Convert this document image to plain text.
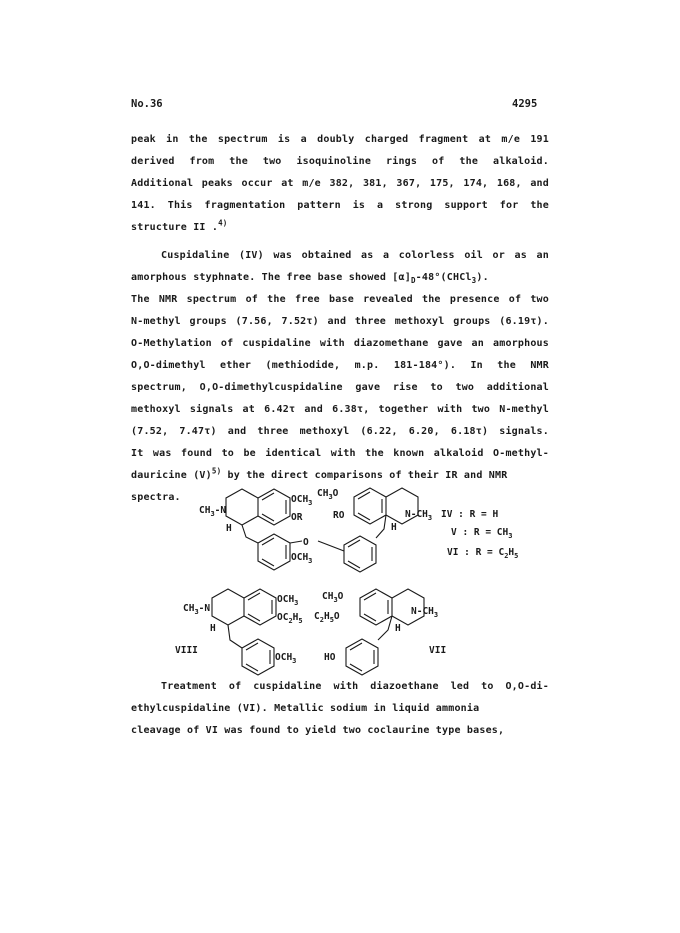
No.36	4295
peak in the spectrum is a doubly charged fragment at m/e 191
derived from the two isoquinoline rings of the alkaloid.
Additional peaks occur at m/e 382, 381, 367, 175, 174, 168, and
141. This fragmentation pattern is a strong support for the
structure II .$^{4)}$
Cuspidaline (IV) was obtained as a colorless oil or as an
amorphous styphnate. The free base showed $[\alpha]_D-48^\circ(CHCl_3)$.
The NMR spectrum of the free base revealed the presence of two
N-methyl groups (7.56, 7.52τ) and three methoxyl groups (6.19τ).
O-Methylation of cuspidaline with diazomethane gave an amorphous
O,O-dimethyl ether (methiodide, m.p. 181-184°). In the NMR
spectrum, O,O-dimethylcuspidaline gave rise to two additional
methoxyl signals at 6.42τ and 6.38τ, together with two N-methyl
(7.52, 7.47τ) and three methoxyl (6.22, 6.20, 6.18τ) signals.
It was found to be identical with the known alkaloid O-methyl-
dauricine $(V)^{5)}$ by the direct comparisons of their IR and NMR
spectra.	$OCH_3$
OR
$CH_3-N$
H
$OCH_3$
O
$CH_3O$
RO	$N-CH_3$
H
IV : R = H
V : $R = CH_3$
VI : $R = C_2H_5$
$OCH_3$
$OC_2H_5$
$CH_3-N$
H
$OCH_3$
VIII
$CH_3O$
$C_2H_5O$	$N-CH_3$
H
HO
VII
Treatment of cuspidaline with diazoethane led to O,O-di-
ethylcuspidaline (VI). Metallic sodium in liquid ammonia
cleavage of VI was found to yield two coclaurine type bases,
